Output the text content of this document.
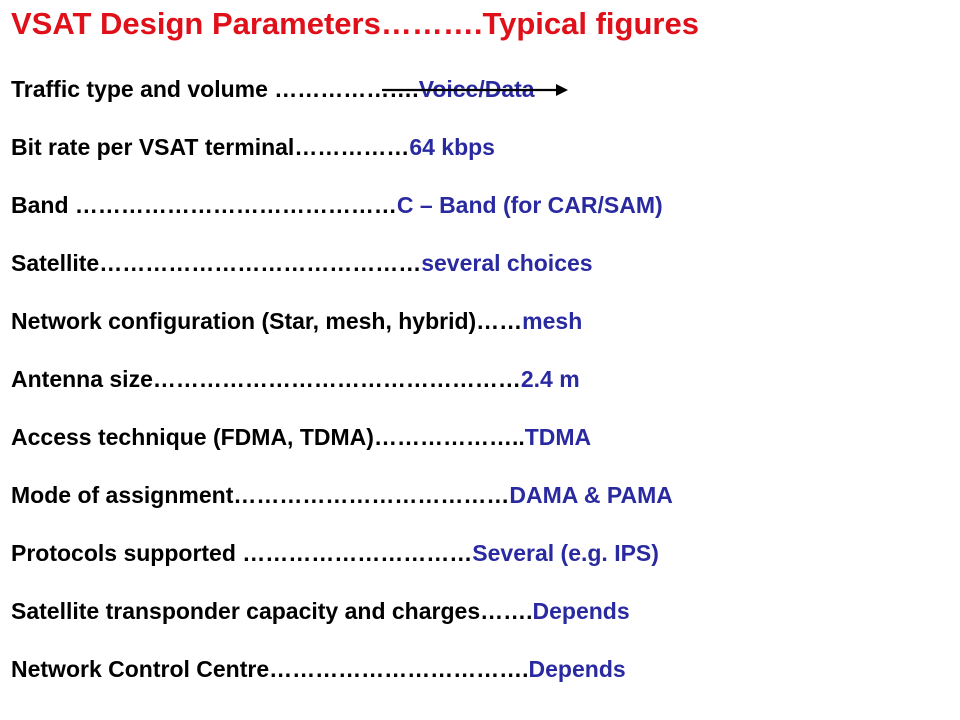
VSAT Design Parameters……….Typical figures
Traffic type and volume ……………….Voice/Data
Bit rate per VSAT terminal……………64 kbps
Band ……………………………………C – Band (for CAR/SAM)
Satellite……………………………………several choices
Network configuration (Star, mesh, hybrid)……mesh
Antenna size…………………………………………2.4 m
Access technique (FDMA, TDMA)………………..TDMA
Mode of assignment………………………………DAMA & PAMA
Protocols supported …………………………Several (e.g. IPS)
Satellite transponder capacity and charges…….Depends
Network Control Centre…………………………….Depends
